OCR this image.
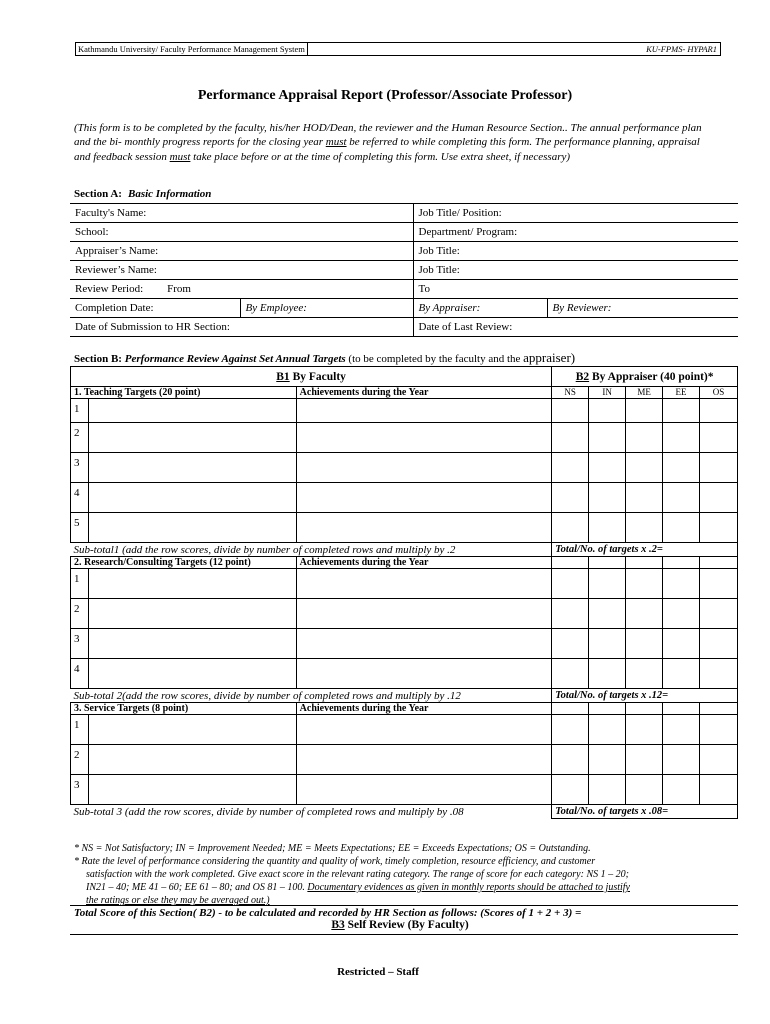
Kathmandu University/ Faculty Performance Management System	KU-FPMS- HYPAR1
Performance Appraisal Report (Professor/Associate Professor)
(This form is to be completed by the faculty, his/her HOD/Dean, the reviewer and the Human Resource Section.. The annual performance plan and the bi- monthly progress reports for the closing year must be referred to while completing this form. The performance planning, appraisal and feedback session must take place before or at the time of completing this form. Use extra sheet, if necessary)
Section A: Basic Information
Faculty's Name:		Job Title/ Position:	
School:		Department/ Program:	
Appraiser’s Name:		Job Title:	
Reviewer’s Name:		Job Title:	
Review Period: From		To	
Completion Date:	By Employee:	By Appraiser:	By Reviewer:
Date of Submission to HR Section:		Date of Last Review:	
Section B: Performance Review Against Set Annual Targets (to be completed by the faculty and the appraiser)
B1 By Faculty			B2 By Appraiser (40 point)*				
1. Teaching Targets (20 point)		Achievements during the Year	NS	IN	ME	EE	OS
1							
2							
3							
4							
5							
Sub-total1 (add the row scores, divide by number of completed rows and multiply by .2			Total/No. of targets x .2=				
2. Research/Consulting Targets (12 point)		Achievements during the Year					
1							
2							
3							
4							
Sub-total 2(add the row scores, divide by number of completed rows and multiply by .12			Total/No. of targets x .12=				
3. Service Targets (8 point)		Achievements during the Year					
1							
2							
3							
Sub-total 3 (add the row scores, divide by number of completed rows and multiply by .08			Total/No. of targets x .08=				
* NS = Not Satisfactory; IN = Improvement Needed; ME = Meets Expectations; EE = Exceeds Expectations; OS = Outstanding.
* Rate the level of performance considering the quantity and quality of work, timely completion, resource efficiency, and customer
satisfaction with the work completed. Give exact score in the relevant rating category. The range of score for each category: NS 1 – 20;
IN21 – 40; ME 41 – 60; EE 61 – 80; and OS 81 – 100. Documentary evidences as given in monthly reports should be attached to justify
the ratings or else they may be averaged out.)
Total Score of this Section( B2) - to be calculated and recorded by HR Section as follows: (Scores of 1 + 2 + 3) =
B3 Self Review (By Faculty)
Restricted – Staff
